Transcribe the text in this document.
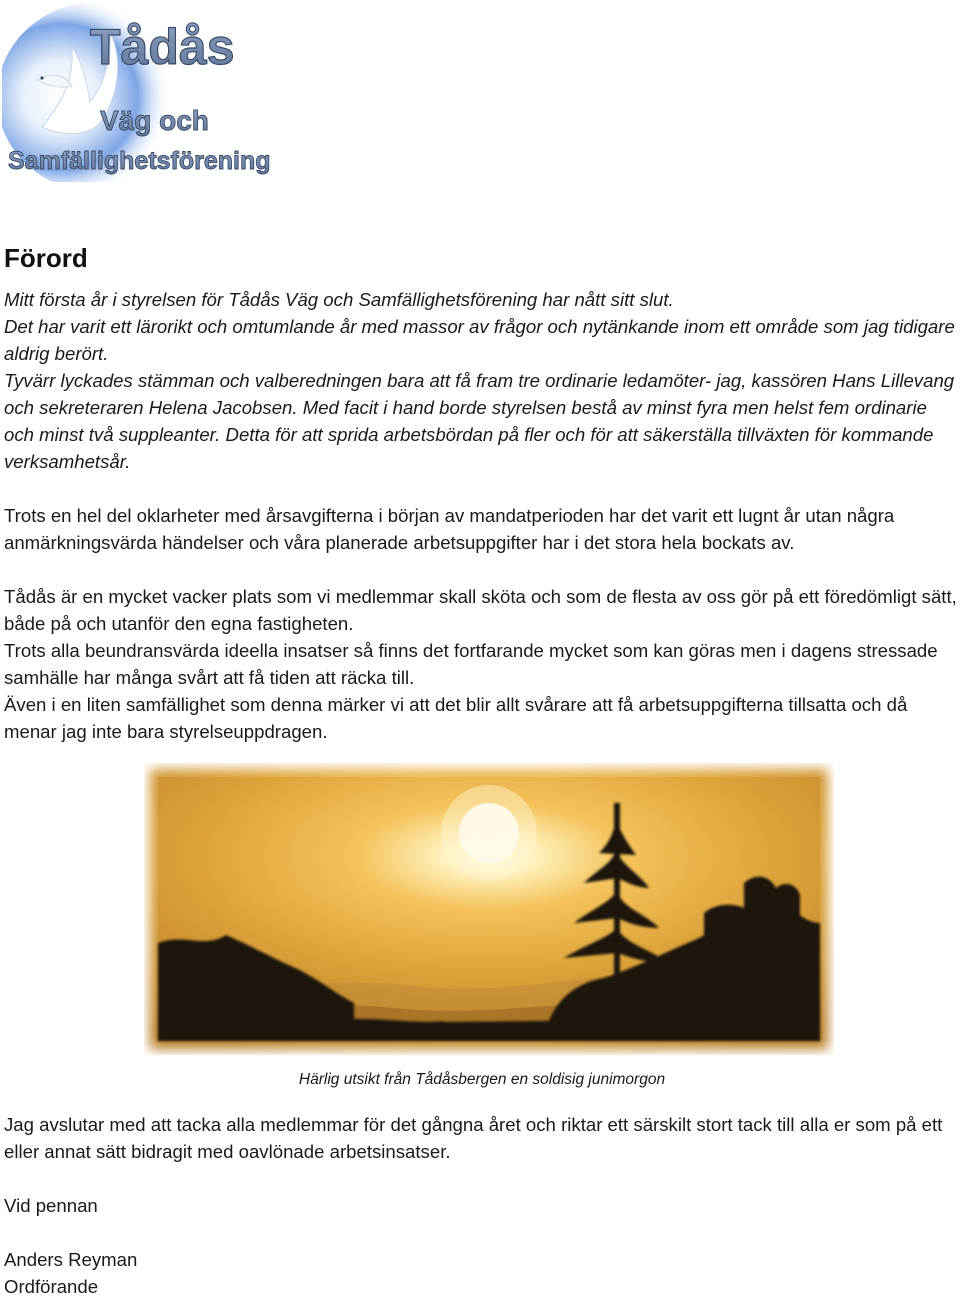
Tådås
Väg och
Samfällighetsförening
Förord

Mitt första år i styrelsen för Tådås Väg och Samfällighetsförening har nått sitt slut.

Det har varit ett lärorikt och omtumlande år med massor av frågor och nytänkande inom ett område som jag tidigare aldrig berört.

Tyvärr lyckades stämman och valberedningen bara att få fram tre ordinarie ledamöter- jag, kassören Hans Lillevang och sekreteraren Helena Jacobsen. Med facit i hand borde styrelsen bestå av minst fyra men helst fem ordinarie och minst två suppleanter. Detta för att sprida arbetsbördan på fler och för att säkerställa tillväxten för kommande verksamhetsår.

Trots en hel del oklarheter med årsavgifterna i början av mandatperioden har det varit ett lugnt år utan några anmärkningsvärda händelser och våra planerade arbetsuppgifter har i det stora hela bockats av.

Tådås är en mycket vacker plats som vi medlemmar skall sköta och som de flesta av oss gör på ett föredömligt sätt, både på och utanför den egna fastigheten.

Trots alla beundransvärda ideella insatser så finns det fortfarande mycket som kan göras men i dagens stressade samhälle har många svårt att få tiden att räcka till.

Även i en liten samfällighet som denna märker vi att det blir allt svårare att få arbetsuppgifterna tillsatta och då menar jag inte bara styrelseuppdragen.

Härlig utsikt från Tådåsbergen en soldisig junimorgon

Jag avslutar med att tacka alla medlemmar för det gångna året och riktar ett särskilt stort tack till alla er som på ett eller annat sätt bidragit med oavlönade arbetsinsatser.

Vid pennan

Anders Reyman

Ordförande
